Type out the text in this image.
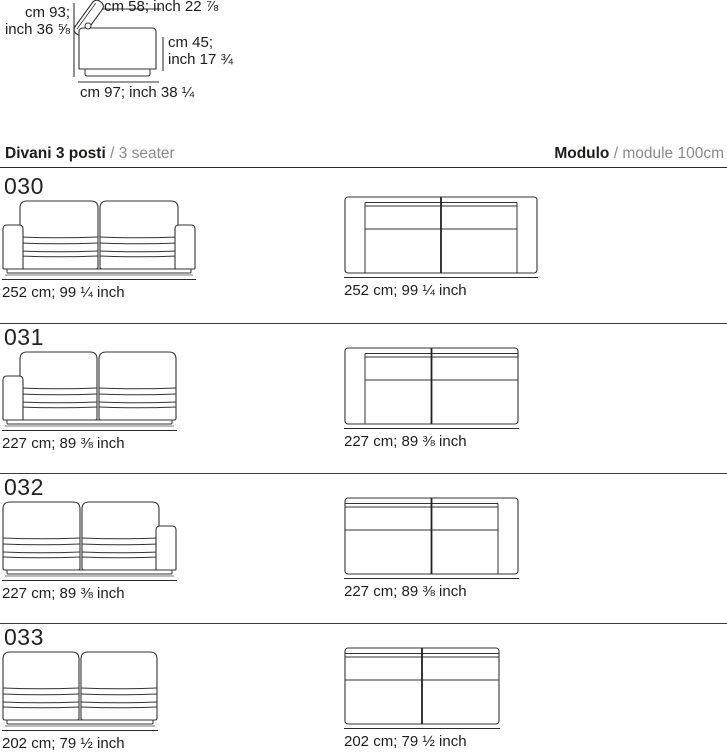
cm 93;
inch 36 ⅝
cm 58; inch 22 ⅞
cm 45;
inch 17 ¾
cm 97; inch 38 ¼
Divani 3 posti / 3 seater	Modulo / module 100cm
030
252 cm; 99 ¼ inch	252 cm; 99 ¼ inch
031
227 cm; 89 ⅜ inch	227 cm; 89 ⅜ inch
032
227 cm; 89 ⅜ inch	227 cm; 89 ⅜ inch
033
202 cm; 79 ½ inch	202 cm; 79 ½ inch
